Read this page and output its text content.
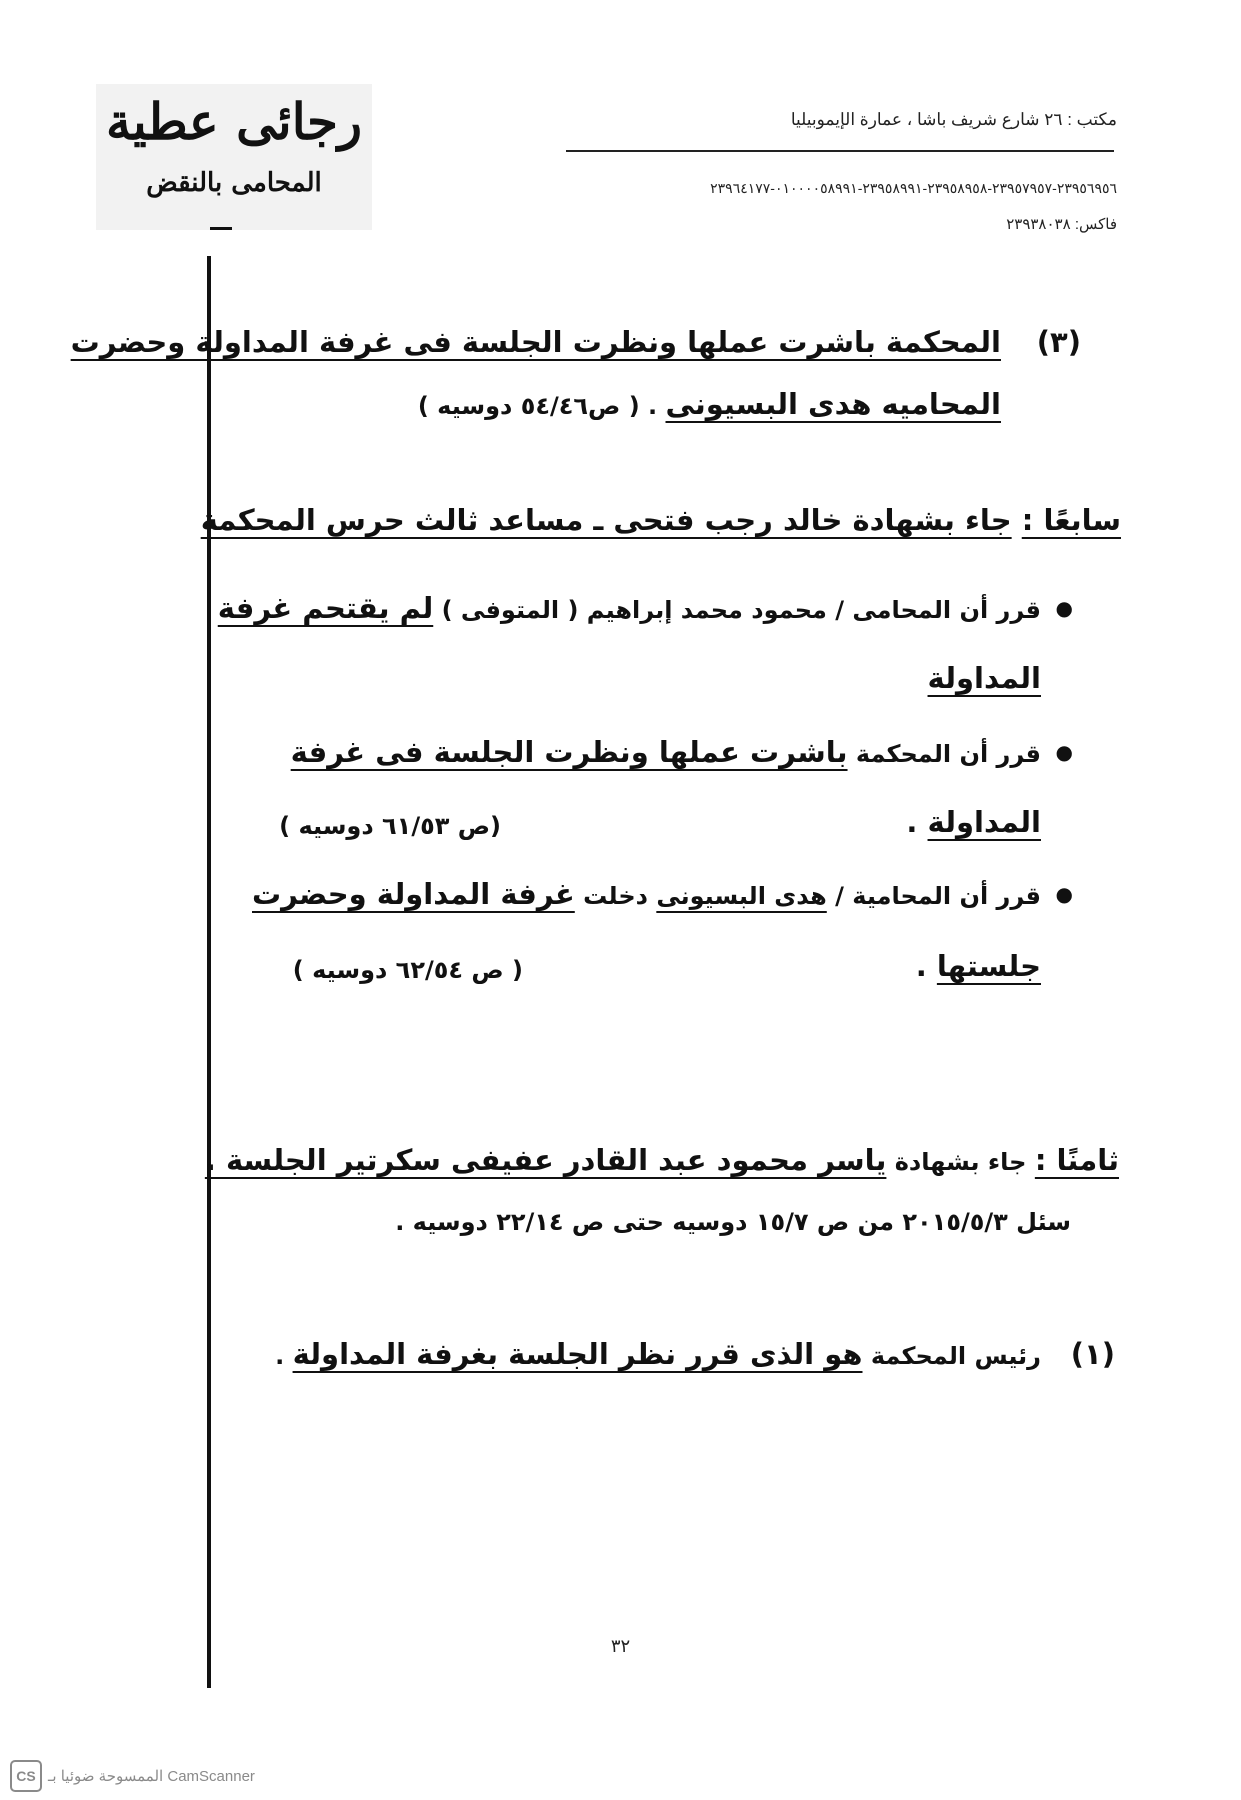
رجائى عطية
المحامى بالنقض
مكتب : ٢٦ شارع شريف باشا ، عمارة الإيموبيليا
٢٣٩٥٦٩٥٦-٢٣٩٥٧٩٥٧-٢٣٩٥٨٩٥٨-٢٣٩٥٨٩٩١-٠١٠٠٠٠٥٨٩٩١-٢٣٩٦٤١٧٧
فاكس: ٢٣٩٣٨٠٣٨
(٣)
المحكمة باشرت عملها ونظرت الجلسة فى غرفة المداولة وحضرت
المحاميه هدى البسيونى . ( ص٥٤/٤٦ دوسيه )
سابعًا : جاء بشهادة خالد رجب فتحى ـ مساعد ثالث حرس المحكمة
●
قرر أن المحامى / محمود محمد إبراهيم ( المتوفى ) لم يقتحم غرفة
المداولة
●
قرر أن المحكمة باشرت عملها ونظرت الجلسة فى غرفة
المداولة .
(ص ٦١/٥٣ دوسيه )
●
قرر أن المحامية / هدى البسيونى دخلت غرفة المداولة وحضرت
جلستها .
( ص ٦٢/٥٤ دوسيه )
ثامنًا : جاء بشهادة ياسر محمود عبد القادر عفيفى سكرتير الجلسة .
سئل ٢٠١٥/٥/٣ من ص ١٥/٧ دوسيه حتى ص ٢٢/١٤ دوسيه .
(١)
رئيس المحكمة هو الذى قرر نظر الجلسة بغرفة المداولة .
٣٢
CS الممسوحة ضوئيا بـ CamScanner
